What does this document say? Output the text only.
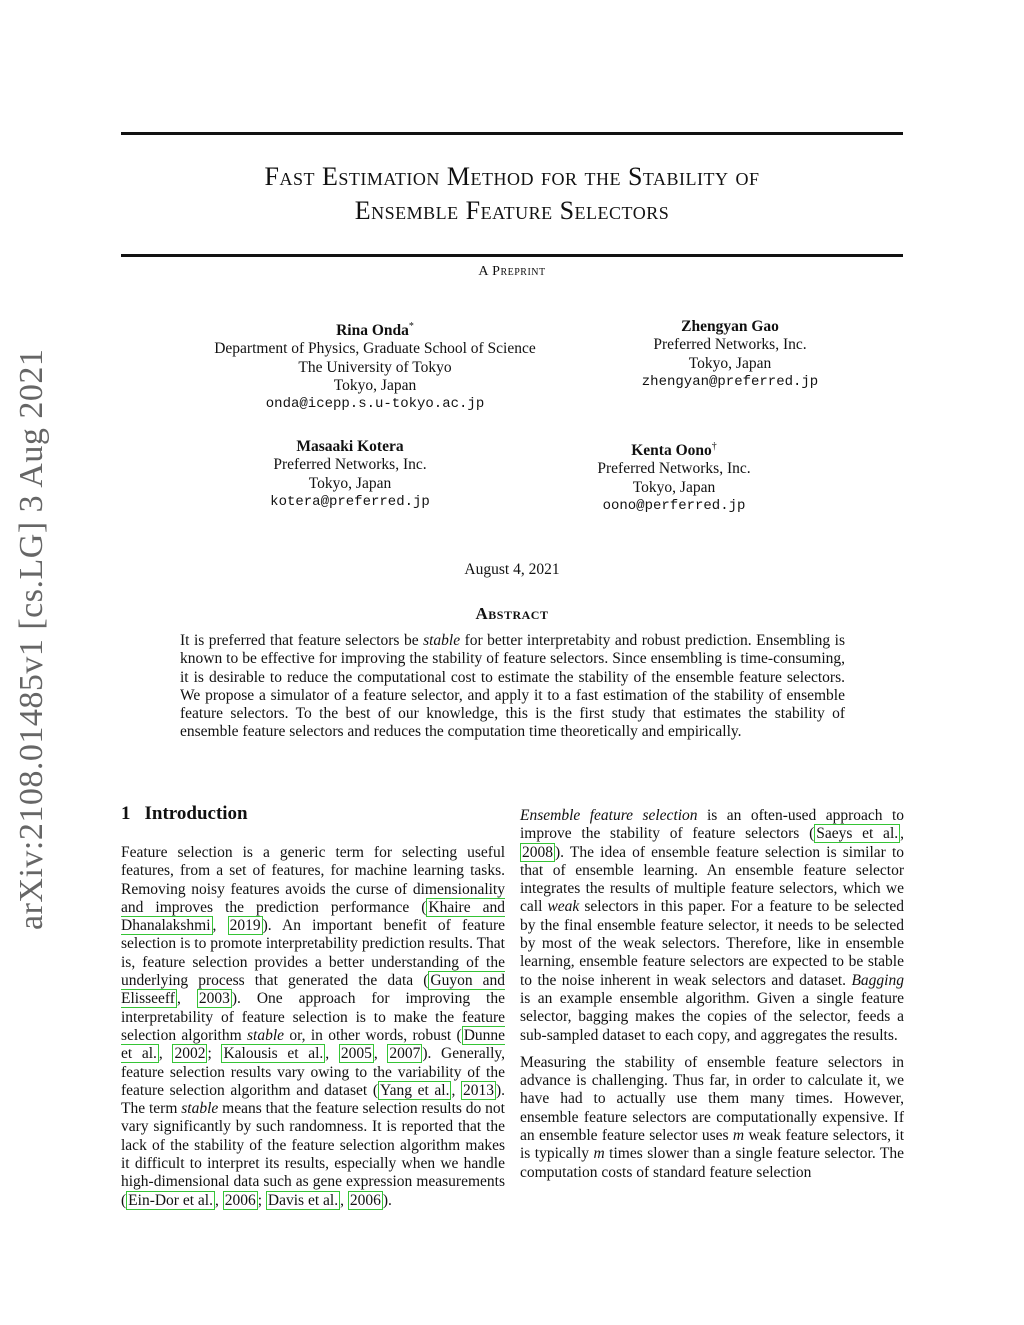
arXiv:2108.01485v1 [cs.LG] 3 Aug 2021
Fast Estimation Method for the Stability of
Ensemble Feature Selectors
A Preprint
Rina Onda*
Department of Physics, Graduate School of Science
The University of Tokyo
Tokyo, Japan
onda@icepp.s.u-tokyo.ac.jp
Zhengyan Gao
Preferred Networks, Inc.
Tokyo, Japan
zhengyan@preferred.jp
Masaaki Kotera
Preferred Networks, Inc.
Tokyo, Japan
kotera@preferred.jp
Kenta Oono†
Preferred Networks, Inc.
Tokyo, Japan
oono@perferred.jp
August 4, 2021
Abstract
It is preferred that feature selectors be stable for better interpretabity and robust prediction. Ensembling is known to be effective for improving the stability of feature selectors. Since ensembling is time-consuming, it is desirable to reduce the computational cost to estimate the stability of the ensemble feature selectors. We propose a simulator of a feature selector, and apply it to a fast estimation of the stability of ensemble feature selectors. To the best of our knowledge, this is the first study that estimates the stability of ensemble feature selectors and reduces the computation time theoretically and empirically.
1 Introduction

Feature selection is a generic term for selecting useful features, from a set of features, for machine learning tasks. Removing noisy features avoids the curse of dimensionality and improves the prediction performance ( Khaire and Dhanalakshmi , 2019 ). An important benefit of feature selection is to promote interpretability prediction results. That is, feature selection provides a better understanding of the underlying process that generated the data ( Guyon and Elisseeff , 2003 ). One approach for improving the interpretability of feature selection is to make the feature selection algorithm stable or, in other words, robust ( Dunne et al. , 2002 ; Kalousis et al. , 2005 , 2007 ). Generally, feature selection results vary owing to the variability of the feature selection algorithm and dataset ( Yang et al. , 2013 ). The term stable means that the feature selection results do not vary significantly by such randomness. It is reported that the lack of the stability of the feature selection algorithm makes it difficult to interpret its results, especially when we handle high-dimensional data such as gene expression measurements ( Ein-Dor et al. , 2006 ; Davis et al. , 2006 ).

Ensemble feature selection is an often-used approach to improve the stability of feature selectors ( Saeys et al. , 2008 ). The idea of ensemble feature selection is similar to that of ensemble learning. An ensemble feature selector integrates the results of multiple feature selectors, which we call weak selectors in this paper. For a feature to be selected by the final ensemble feature selector, it needs to be selected by most of the weak selectors. Therefore, like in ensemble learning, ensemble feature selectors are expected to be stable to the noise inherent in weak selectors and dataset. Bagging is an example ensemble algorithm. Given a single feature selector, bagging makes the copies of the selector, feeds a sub-sampled dataset to each copy, and aggregates the results.

Measuring the stability of ensemble feature selectors in advance is challenging. Thus far, in order to calculate it, we have had to actually use them many times. However, ensemble feature selectors are computationally expensive. If an ensemble feature selector uses m weak feature selectors, it is typically m times slower than a single feature selector. The computation costs of standard feature selection
